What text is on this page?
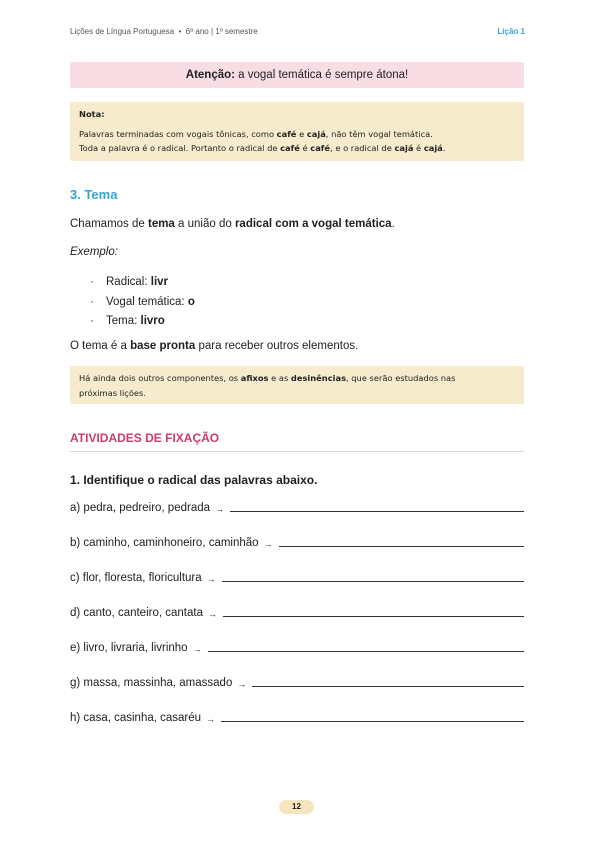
Lições de Língua Portuguesa • 6º ano | 1º semestre	Lição 1
Atenção: a vogal temática é sempre átona!
Nota:
Palavras terminadas com vogais tônicas, como café e cajá, não têm vogal temática.
Toda a palavra é o radical. Portanto o radical de café é café, e o radical de cajá é cajá.
3. Tema
Chamamos de tema a união do radical com a vogal temática.
Exemplo:
· Radical: livr
· Vogal temática: o
· Tema: livro
O tema é a base pronta para receber outros elementos.
Há ainda dois outros componentes, os afixos e as desinências, que serão estudados nas
próximas lições.
ATIVIDADES DE FIXAÇÃO
1. Identifique o radical das palavras abaixo.
a) pedra, pedreiro, pedrada →
b) caminho, caminhoneiro, caminhão →
c) flor, floresta, floricultura →
d) canto, canteiro, cantata →
e) livro, livraria, livrinho →
g) massa, massinha, amassado →
h) casa, casinha, casaréu →
12
